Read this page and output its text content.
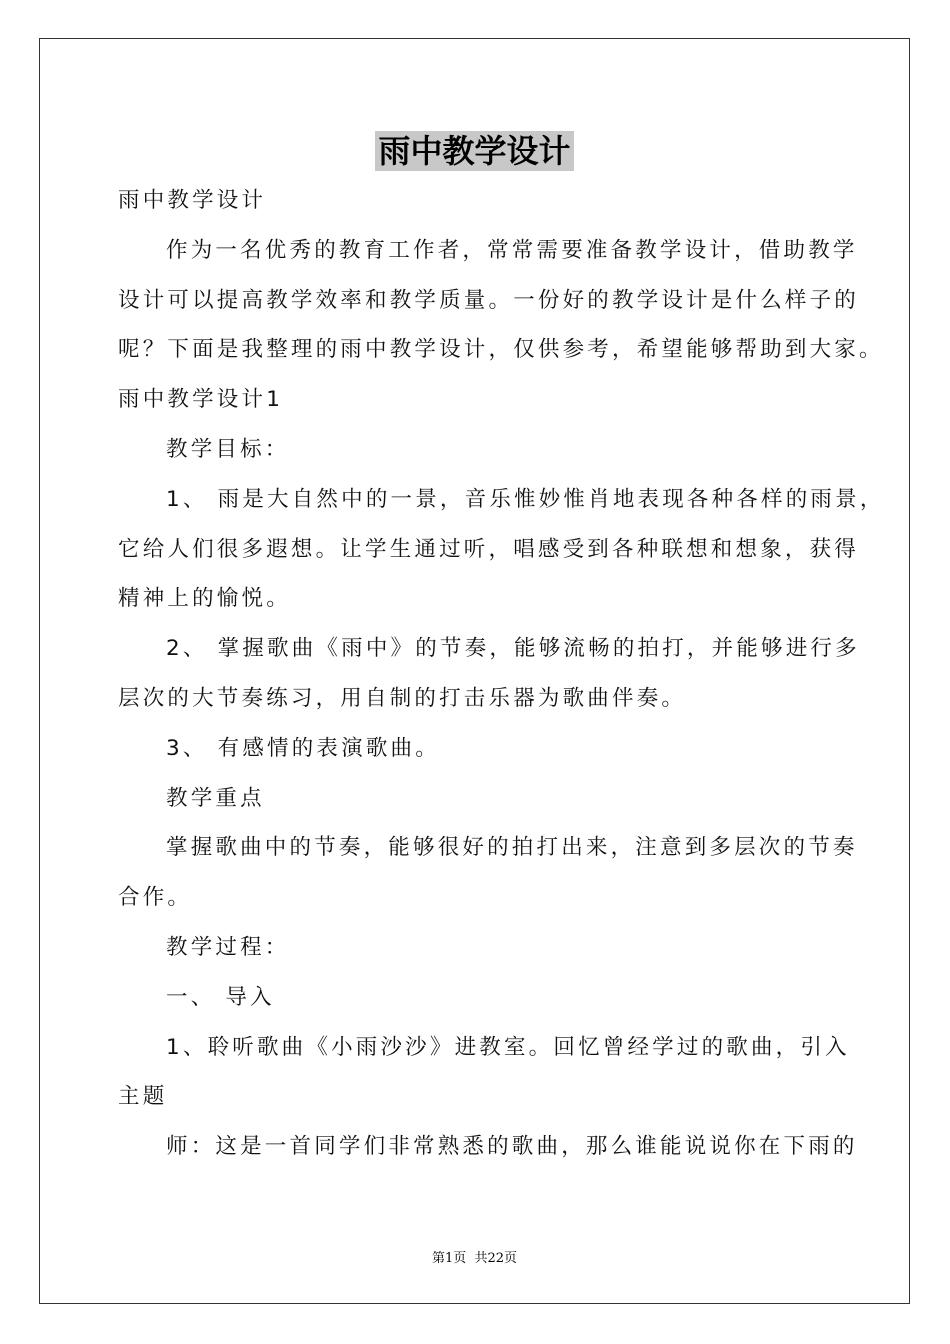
雨中教学设计
雨中教学设计
作为一名优秀的教育工作者，常常需要准备教学设计，借助教学
设计可以提高教学效率和教学质量。一份好的教学设计是什么样子的
呢？下面是我整理的雨中教学设计，仅供参考，希望能够帮助到大家。
雨中教学设计1
教学目标：
1、 雨是大自然中的一景，音乐惟妙惟肖地表现各种各样的雨景，
它给人们很多遐想。让学生通过听，唱感受到各种联想和想象，获得
精神上的愉悦。
2、 掌握歌曲《雨中》的节奏，能够流畅的拍打，并能够进行多
层次的大节奏练习，用自制的打击乐器为歌曲伴奏。
3、 有感情的表演歌曲。
教学重点
掌握歌曲中的节奏，能够很好的拍打出来，注意到多层次的节奏
合作。
教学过程：
一、 导入
1、聆听歌曲《小雨沙沙》进教室。回忆曾经学过的歌曲，引入
主题
师：这是一首同学们非常熟悉的歌曲，那么谁能说说你在下雨的
第1页 共22页
